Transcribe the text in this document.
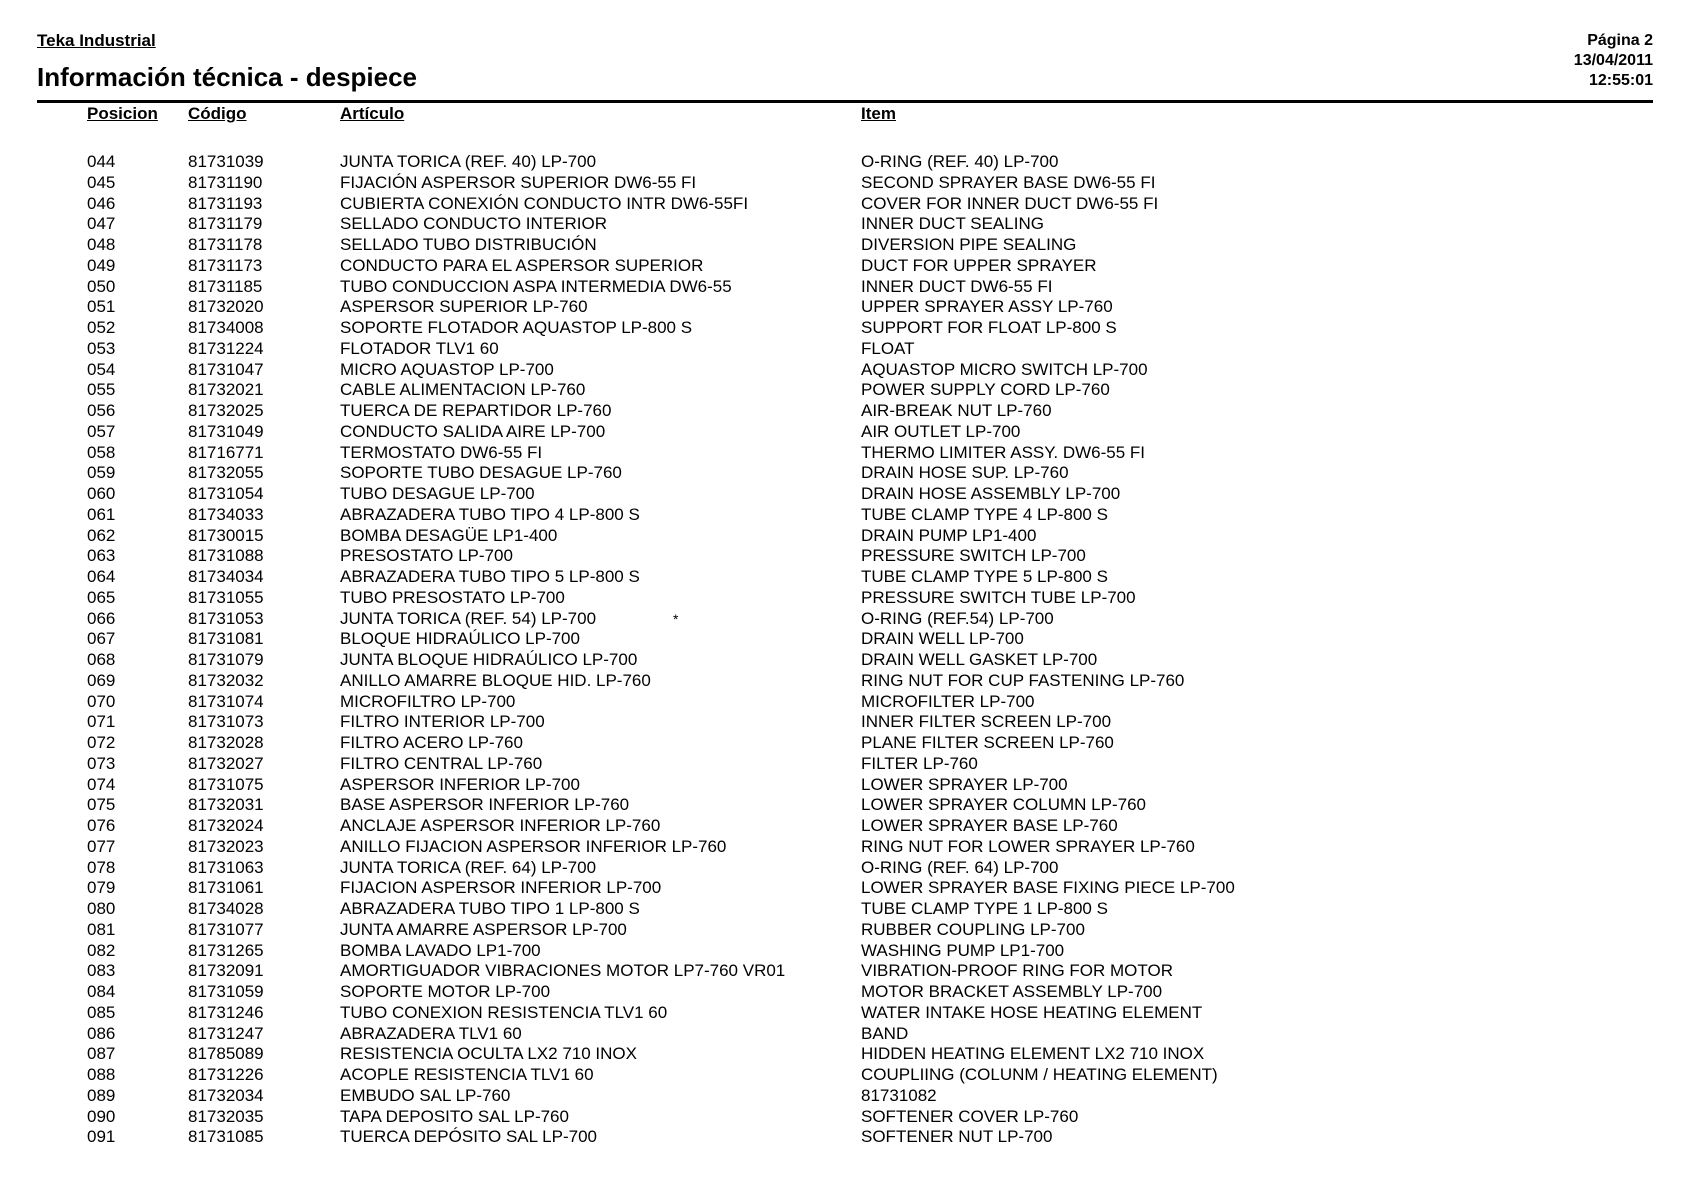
Teka Industrial
Información técnica - despiece
Página 2
13/04/2011
12:55:01
Posicion Código	Artículo	Item
044	81731039	JUNTA TORICA (REF. 40) LP-700	O-RING (REF. 40) LP-700
045	81731190	FIJACIÓN ASPERSOR SUPERIOR DW6-55 FI	SECOND SPRAYER BASE DW6-55 FI
046	81731193	CUBIERTA CONEXIÓN CONDUCTO INTR DW6-55FI	COVER FOR INNER DUCT DW6-55 FI
047	81731179	SELLADO CONDUCTO INTERIOR	INNER DUCT SEALING
048	81731178	SELLADO TUBO DISTRIBUCIÓN	DIVERSION PIPE SEALING
049	81731173	CONDUCTO PARA EL ASPERSOR SUPERIOR	DUCT FOR UPPER SPRAYER
050	81731185	TUBO CONDUCCION ASPA INTERMEDIA DW6-55	INNER DUCT DW6-55 FI
051	81732020	ASPERSOR SUPERIOR LP-760	UPPER SPRAYER ASSY LP-760
052	81734008	SOPORTE FLOTADOR AQUASTOP LP-800 S	SUPPORT FOR FLOAT LP-800 S
053	81731224	FLOTADOR TLV1 60	FLOAT
054	81731047	MICRO AQUASTOP LP-700	AQUASTOP MICRO SWITCH LP-700
055	81732021	CABLE ALIMENTACION LP-760	POWER SUPPLY CORD LP-760
056	81732025	TUERCA DE REPARTIDOR LP-760	AIR-BREAK NUT LP-760
057	81731049	CONDUCTO SALIDA AIRE LP-700	AIR OUTLET LP-700
058	81716771	TERMOSTATO DW6-55 FI	THERMO LIMITER ASSY. DW6-55 FI
059	81732055	SOPORTE TUBO DESAGUE LP-760	DRAIN HOSE SUP. LP-760
060	81731054	TUBO DESAGUE LP-700	DRAIN HOSE ASSEMBLY LP-700
061	81734033	ABRAZADERA TUBO TIPO 4 LP-800 S	TUBE CLAMP TYPE 4 LP-800 S
062	81730015	BOMBA DESAGÜE LP1-400	DRAIN PUMP LP1-400
063	81731088	PRESOSTATO LP-700	PRESSURE SWITCH LP-700
064	81734034	ABRAZADERA TUBO TIPO 5 LP-800 S	TUBE CLAMP TYPE 5 LP-800 S
065	81731055	TUBO PRESOSTATO LP-700	PRESSURE SWITCH TUBE LP-700
066	81731053	JUNTA TORICA (REF. 54) LP-700	O-RING (REF.54) LP-700
*
067	81731081	BLOQUE HIDRAÚLICO LP-700	DRAIN WELL LP-700
068	81731079	JUNTA BLOQUE HIDRAÚLICO LP-700	DRAIN WELL GASKET LP-700
069	81732032	ANILLO AMARRE BLOQUE HID. LP-760	RING NUT FOR CUP FASTENING LP-760
070	81731074	MICROFILTRO LP-700	MICROFILTER LP-700
071	81731073	FILTRO INTERIOR LP-700	INNER FILTER SCREEN LP-700
072	81732028	FILTRO ACERO LP-760	PLANE FILTER SCREEN LP-760
073	81732027	FILTRO CENTRAL LP-760	FILTER LP-760
074	81731075	ASPERSOR INFERIOR LP-700	LOWER SPRAYER LP-700
075	81732031	BASE ASPERSOR INFERIOR LP-760	LOWER SPRAYER COLUMN LP-760
076	81732024	ANCLAJE ASPERSOR INFERIOR LP-760	LOWER SPRAYER BASE LP-760
077	81732023	ANILLO FIJACION ASPERSOR INFERIOR LP-760	RING NUT FOR LOWER SPRAYER LP-760
078	81731063	JUNTA TORICA (REF. 64) LP-700	O-RING (REF. 64) LP-700
079	81731061	FIJACION ASPERSOR INFERIOR LP-700	LOWER SPRAYER BASE FIXING PIECE LP-700
080	81734028	ABRAZADERA TUBO TIPO 1 LP-800 S	TUBE CLAMP TYPE 1 LP-800 S
081	81731077	JUNTA AMARRE ASPERSOR LP-700	RUBBER COUPLING LP-700
082	81731265	BOMBA LAVADO LP1-700	WASHING PUMP LP1-700
083	81732091	AMORTIGUADOR VIBRACIONES MOTOR LP7-760 VR01	VIBRATION-PROOF RING FOR MOTOR
084	81731059	SOPORTE MOTOR LP-700	MOTOR BRACKET ASSEMBLY LP-700
085	81731246	TUBO CONEXION RESISTENCIA TLV1 60	WATER INTAKE HOSE HEATING ELEMENT
086	81731247	ABRAZADERA TLV1 60	BAND
087	81785089	RESISTENCIA OCULTA LX2 710 INOX	HIDDEN HEATING ELEMENT LX2 710 INOX
088	81731226	ACOPLE RESISTENCIA TLV1 60	COUPLIING (COLUNM / HEATING ELEMENT)
089	81732034	EMBUDO SAL LP-760	81731082
090	81732035	TAPA DEPOSITO SAL LP-760	SOFTENER COVER LP-760
091	81731085	TUERCA DEPÓSITO SAL LP-700	SOFTENER NUT LP-700
